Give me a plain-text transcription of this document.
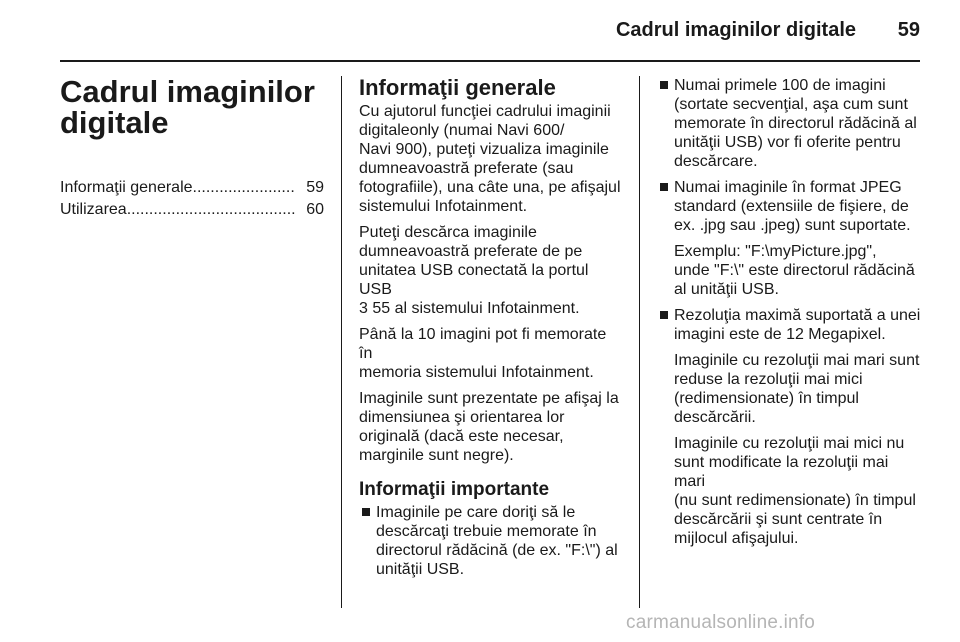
Cadrul imaginilor digitale	59
Cadrul imaginilor digitale
Informaţii generale ....................... 59
Utilizarea ...................................... 60
Informaţii generale

Cu ajutorul funcţiei cadrului imaginii
digitaleonly (numai Navi 600/
Navi 900), puteţi vizualiza imaginile
dumneavoastră preferate (sau
fotografiile), una câte una, pe afişajul
sistemului Infotainment.

Puteţi descărca imaginile
dumneavoastră preferate de pe
unitatea USB conectată la portul USB
3 55 al sistemului Infotainment.

Până la 10 imagini pot fi memorate în
memoria sistemului Infotainment.

Imaginile sunt prezentate pe afişaj la
dimensiunea şi orientarea lor
originală (dacă este necesar,
marginile sunt negre).

Informaţii importante
Imaginile pe care doriţi să le
descărcaţi trebuie memorate în
directorul rădăcină (de ex. "F:\") al
unităţii USB.
Numai primele 100 de imagini
(sortate secvenţial, aşa cum sunt
memorate în directorul rădăcină al
unităţii USB) vor fi oferite pentru
descărcare.
Numai imaginile în format JPEG
standard (extensiile de fişiere, de
ex. .jpg sau .jpeg) sunt suportate.
Exemplu: "F:\myPicture.jpg",
unde "F:\" este directorul rădăcină
al unităţii USB.
Rezoluţia maximă suportată a unei
imagini este de 12 Megapixel.
Imaginile cu rezoluţii mai mari sunt
reduse la rezoluţii mai mici
(redimensionate) în timpul
descărcării.
Imaginile cu rezoluţii mai mici nu
sunt modificate la rezoluţii mai mari
(nu sunt redimensionate) în timpul
descărcării şi sunt centrate în
mijlocul afişajului.
carmanualsonline.info
